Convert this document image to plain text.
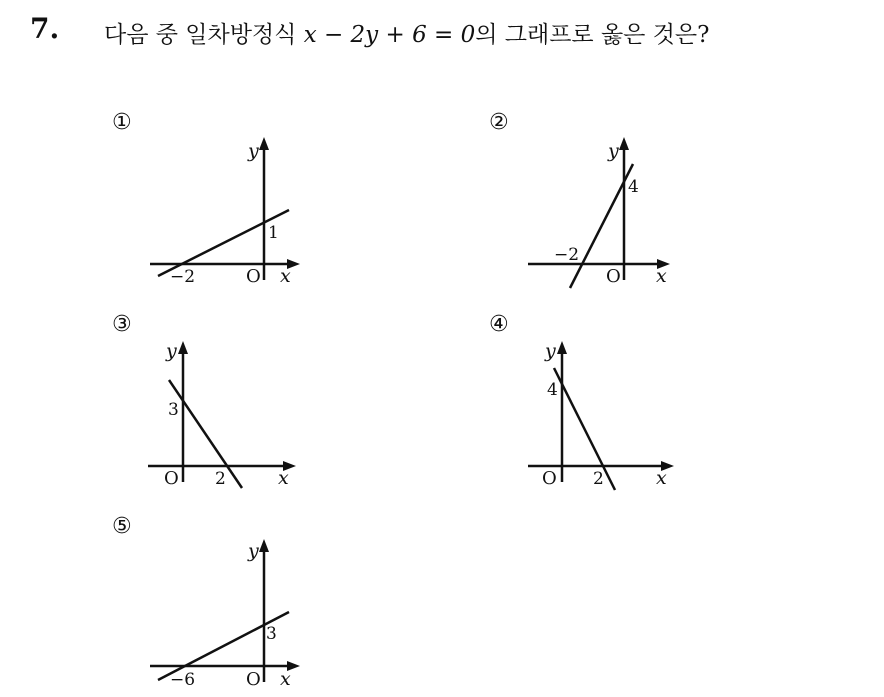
7. 다음 중 일차방정식 x − 2y + 6 = 0의 그래프로 옳은 것은?
①
y
1
−2	O x
②
y
4
−2
O x
③
y
3
O 2	x
④
y
4
O 2	x
⑤
y
3
−6	O x
